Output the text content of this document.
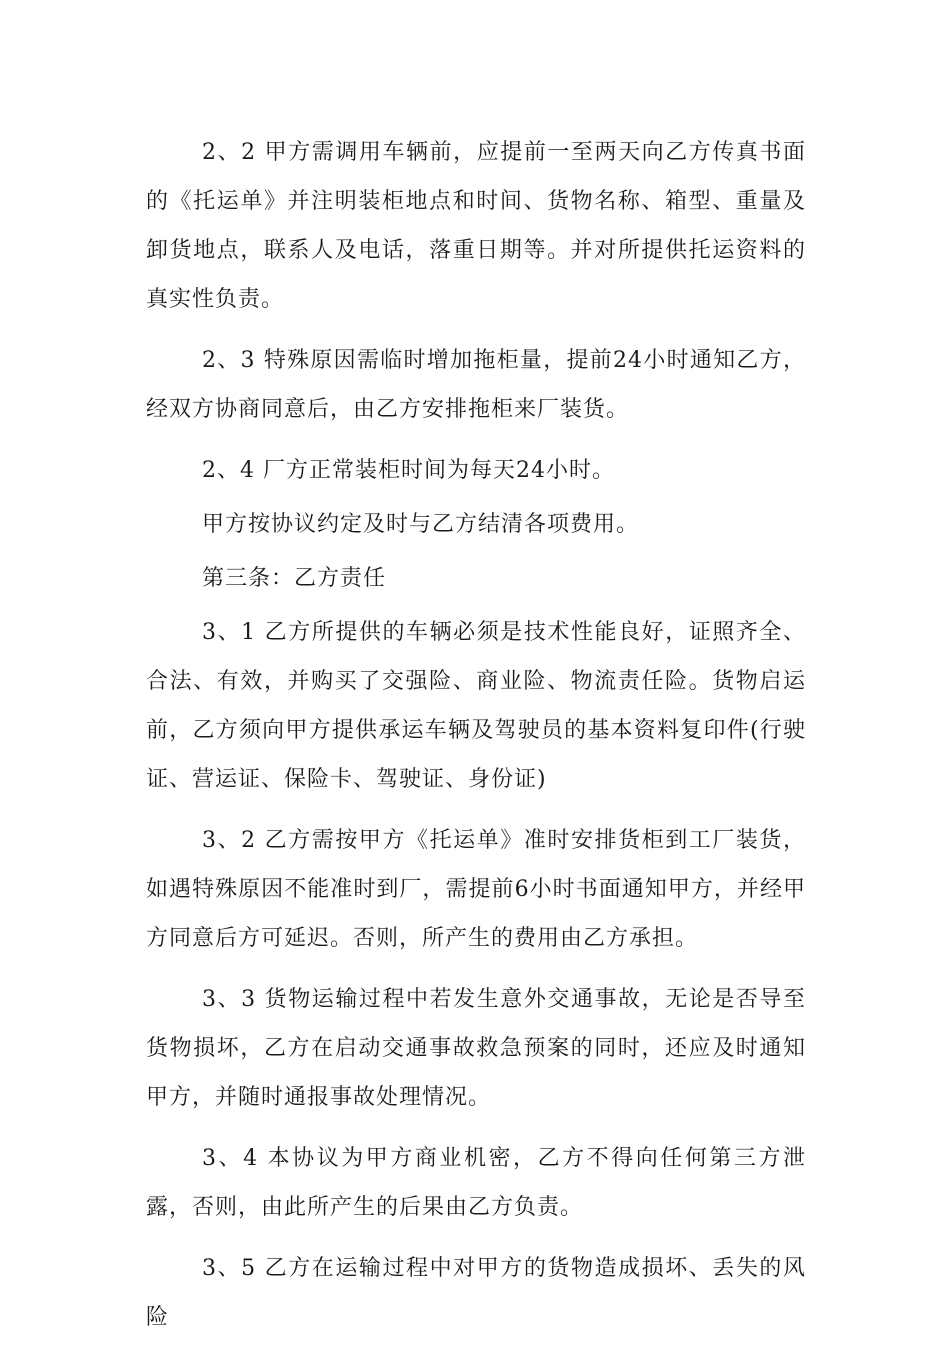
2、2 甲方需调用车辆前，应提前一至两天向乙方传真书面的《托运单》并注明装柜地点和时间、货物名称、箱型、重量及卸货地点，联系人及电话，落重日期等。并对所提供托运资料的真实性负责。

2、3 特殊原因需临时增加拖柜量，提前24小时通知乙方，经双方协商同意后，由乙方安排拖柜来厂装货。

2、4 厂方正常装柜时间为每天24小时。

甲方按协议约定及时与乙方结清各项费用。

第三条：乙方责任

3、1 乙方所提供的车辆必须是技术性能良好，证照齐全、合法、有效，并购买了交强险、商业险、物流责任险。货物启运前，乙方须向甲方提供承运车辆及驾驶员的基本资料复印件(行驶证、营运证、保险卡、驾驶证、身份证)

3、2 乙方需按甲方《托运单》准时安排货柜到工厂装货，如遇特殊原因不能准时到厂，需提前6小时书面通知甲方，并经甲方同意后方可延迟。否则，所产生的费用由乙方承担。

3、3 货物运输过程中若发生意外交通事故，无论是否导至货物损坏，乙方在启动交通事故救急预案的同时，还应及时通知甲方，并随时通报事故处理情况。

3、4 本协议为甲方商业机密，乙方不得向任何第三方泄露，否则，由此所产生的后果由乙方负责。

3、5 乙方在运输过程中对甲方的货物造成损坏、丢失的风险
